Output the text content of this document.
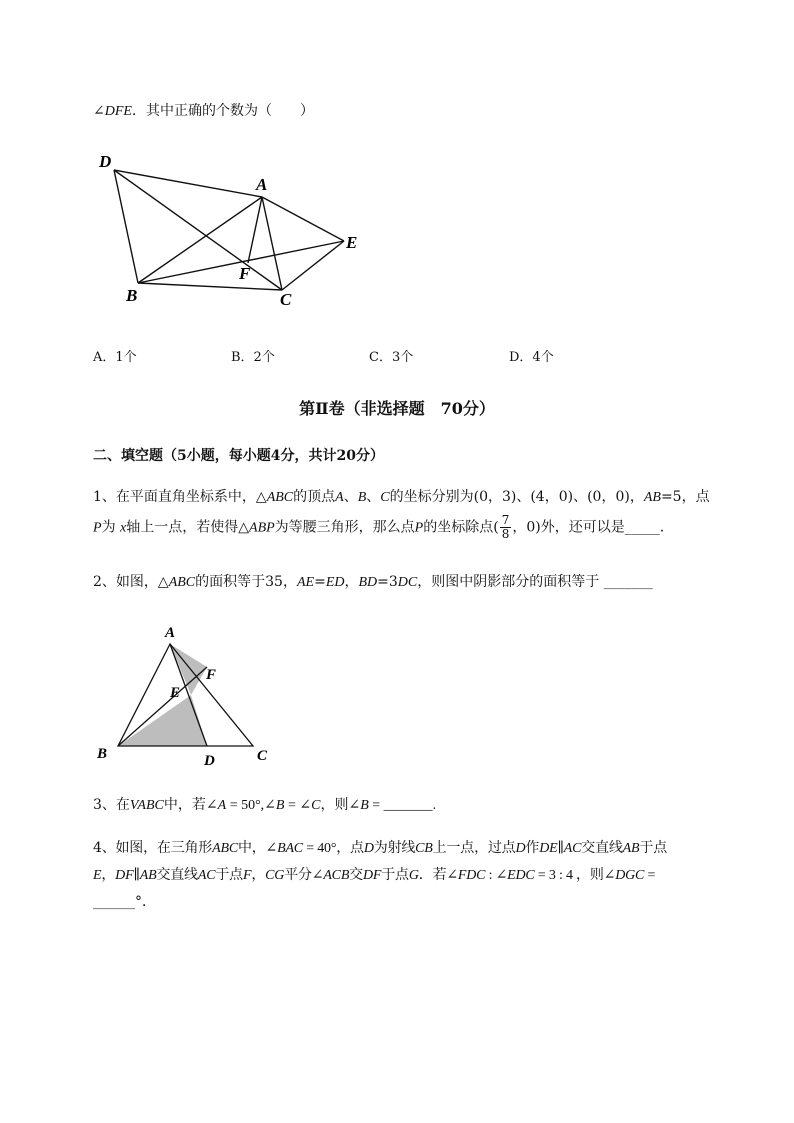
∠DFE．其中正确的个数为（　　）
D
A
E
F
B	C
A．1个	B．2个	C．3个	D．4个
第Ⅱ卷（非选择题　70分）
二、填空题（5小题，每小题4分，共计20分）
1、在平面直角坐标系中，△ABC的顶点A、B、C的坐标分别为(0，3)、(4，0)、(0，0)，AB=5，点
P为 x轴上一点，若使得△ABP为等腰三角形，那么点P的坐标除点( $\frac{7}{8}$ ，0)外，还可以是_____.
2、如图，△ABC的面积等于35，AE=ED，BD=3DC，则图中阴影部分的面积等于 _______
A
F
E
B	D	C
3、在VABC中，若∠A = 50°,∠B = ∠C，则∠B = _______.
4、如图，在三角形ABC中，∠BAC = 40°，点D为射线CB上一点，过点D作DE∥AC交直线AB于点
E，DF∥AB交直线AC于点F，CG平分∠ACB交DF于点G．若∠FDC : ∠EDC = 3 : 4 ，则∠DGC =
______°．
